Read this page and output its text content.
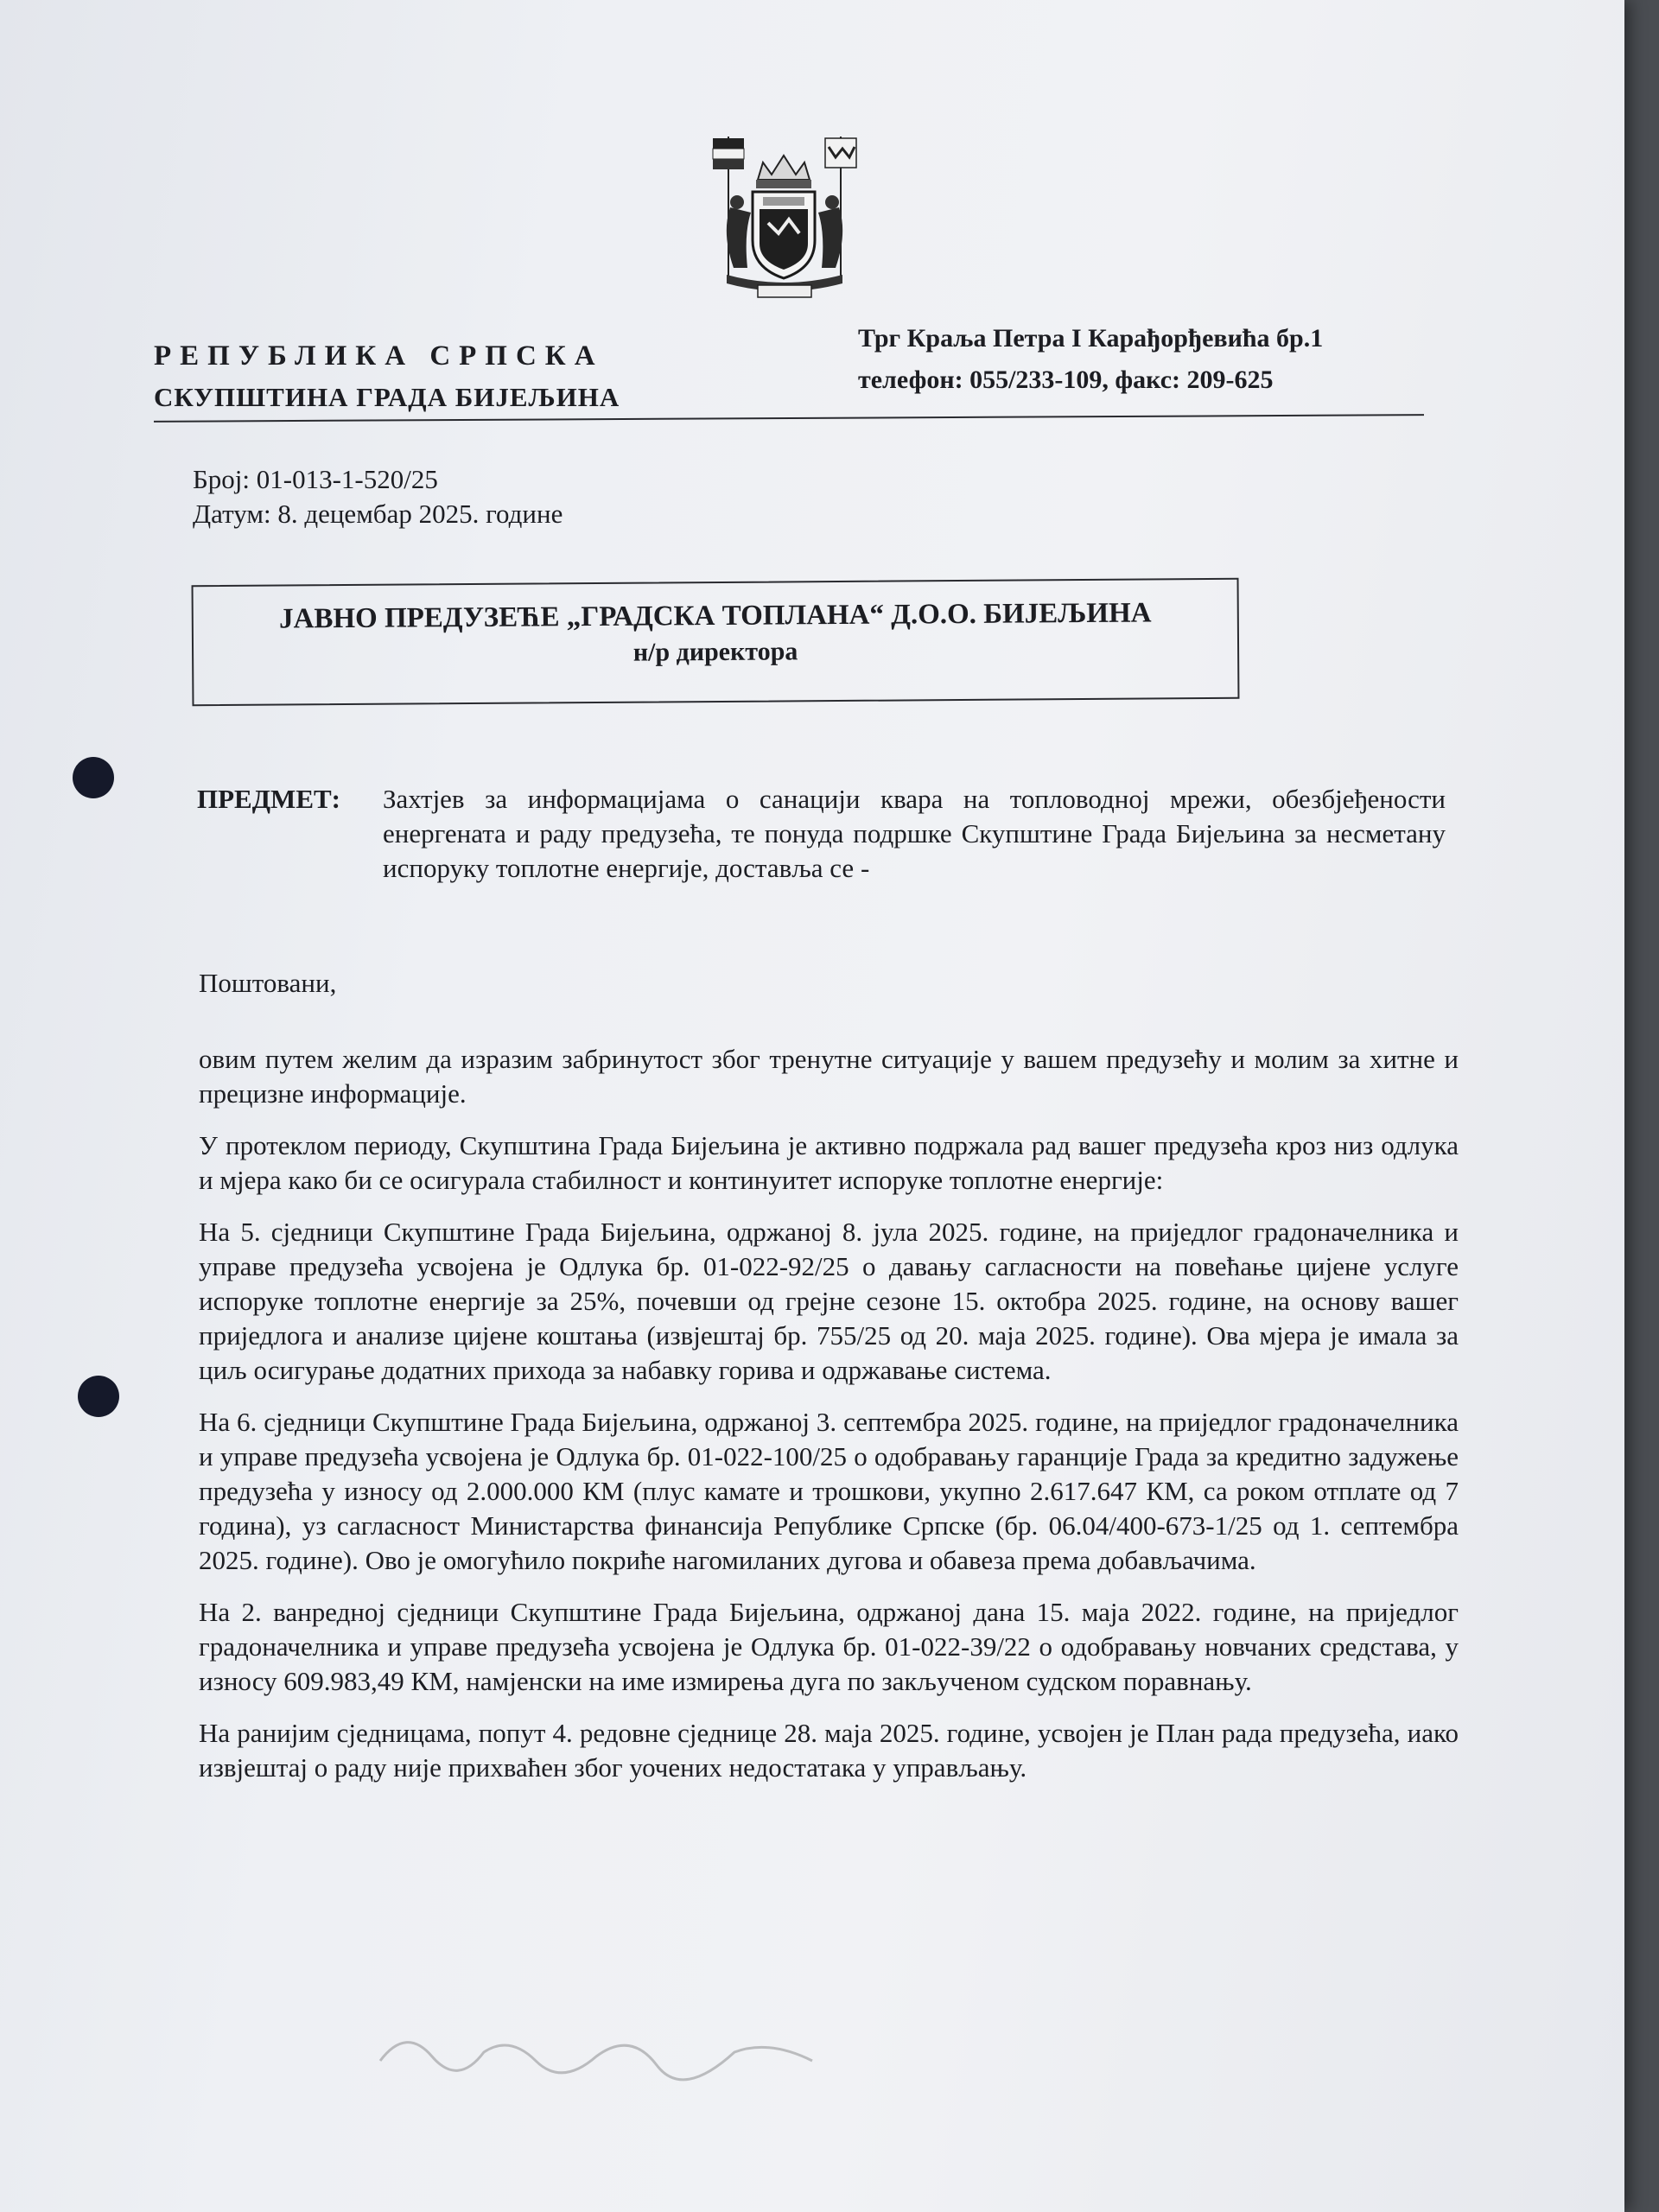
РЕПУБЛИКА СРПСКА
СКУПШТИНА ГРАДА БИЈЕЉИНА
Трг Краља Петра I Карађорђевића бр.1
телефон: 055/233-109, факс: 209-625
Број: 01-013-1-520/25
Датум: 8. децембар 2025. године
ЈАВНО ПРЕДУЗЕЋЕ „ГРАДСКА ТОПЛАНА“ Д.О.О. БИЈЕЉИНА
н/р директора
ПРЕДМЕТ: Захтјев за информацијама о санацији квара на топловодној мрежи, обезбјеђености енергената и раду предузећа, те понуда подршке Скупштине Града Бијељина за несметану испоруку топлотне енергије, доставља се -

Поштовани,

овим путем желим да изразим забринутост због тренутне ситуације у вашем предузећу и молим за хитне и прецизне информације.

У протеклом периоду, Скупштина Града Бијељина је активно подржала рад вашег предузећа кроз низ одлука и мјера како би се осигурала стабилност и континуитет испоруке топлотне енергије:

На 5. сједници Скупштине Града Бијељина, одржаној 8. јула 2025. године, на приједлог градоначелника и управе предузећа усвојена је Одлука бр. 01-022-92/25 о давању сагласности на повећање цијене услуге испоруке топлотне енергије за 25%, почевши од грејне сезоне 15. октобра 2025. године, на основу вашег приједлога и анализе цијене коштања (извјештај бр. 755/25 од 20. маја 2025. године). Ова мјера је имала за циљ осигурање додатних прихода за набавку горива и одржавање система.

На 6. сједници Скупштине Града Бијељина, одржаној 3. септембра 2025. године, на приједлог градоначелника и управе предузећа усвојена је Одлука бр. 01-022-100/25 о одобравању гаранције Града за кредитно задужење предузећа у износу од 2.000.000 КМ (плус камате и трошкови, укупно 2.617.647 КМ, са роком отплате од 7 година), уз сагласност Министарства финансија Републике Српске (бр. 06.04/400-673-1/25 од 1. септембра 2025. године). Ово је омогућило покриће нагомиланих дугова и обавеза према добављачима.

На 2. ванредној сједници Скупштине Града Бијељина, одржаној дана 15. маја 2022. године, на приједлог градоначелника и управе предузећа усвојена је Одлука бр. 01-022-39/22 о одобравању новчаних средстава, у износу 609.983,49 КМ, намјенски на име измирења дуга по закљученом судском поравнању.

На ранијим сједницама, попут 4. редовне сједнице 28. маја 2025. године, усвојен је План рада предузећа, иако извјештај о раду није прихваћен због уочених недостатака у управљању.
